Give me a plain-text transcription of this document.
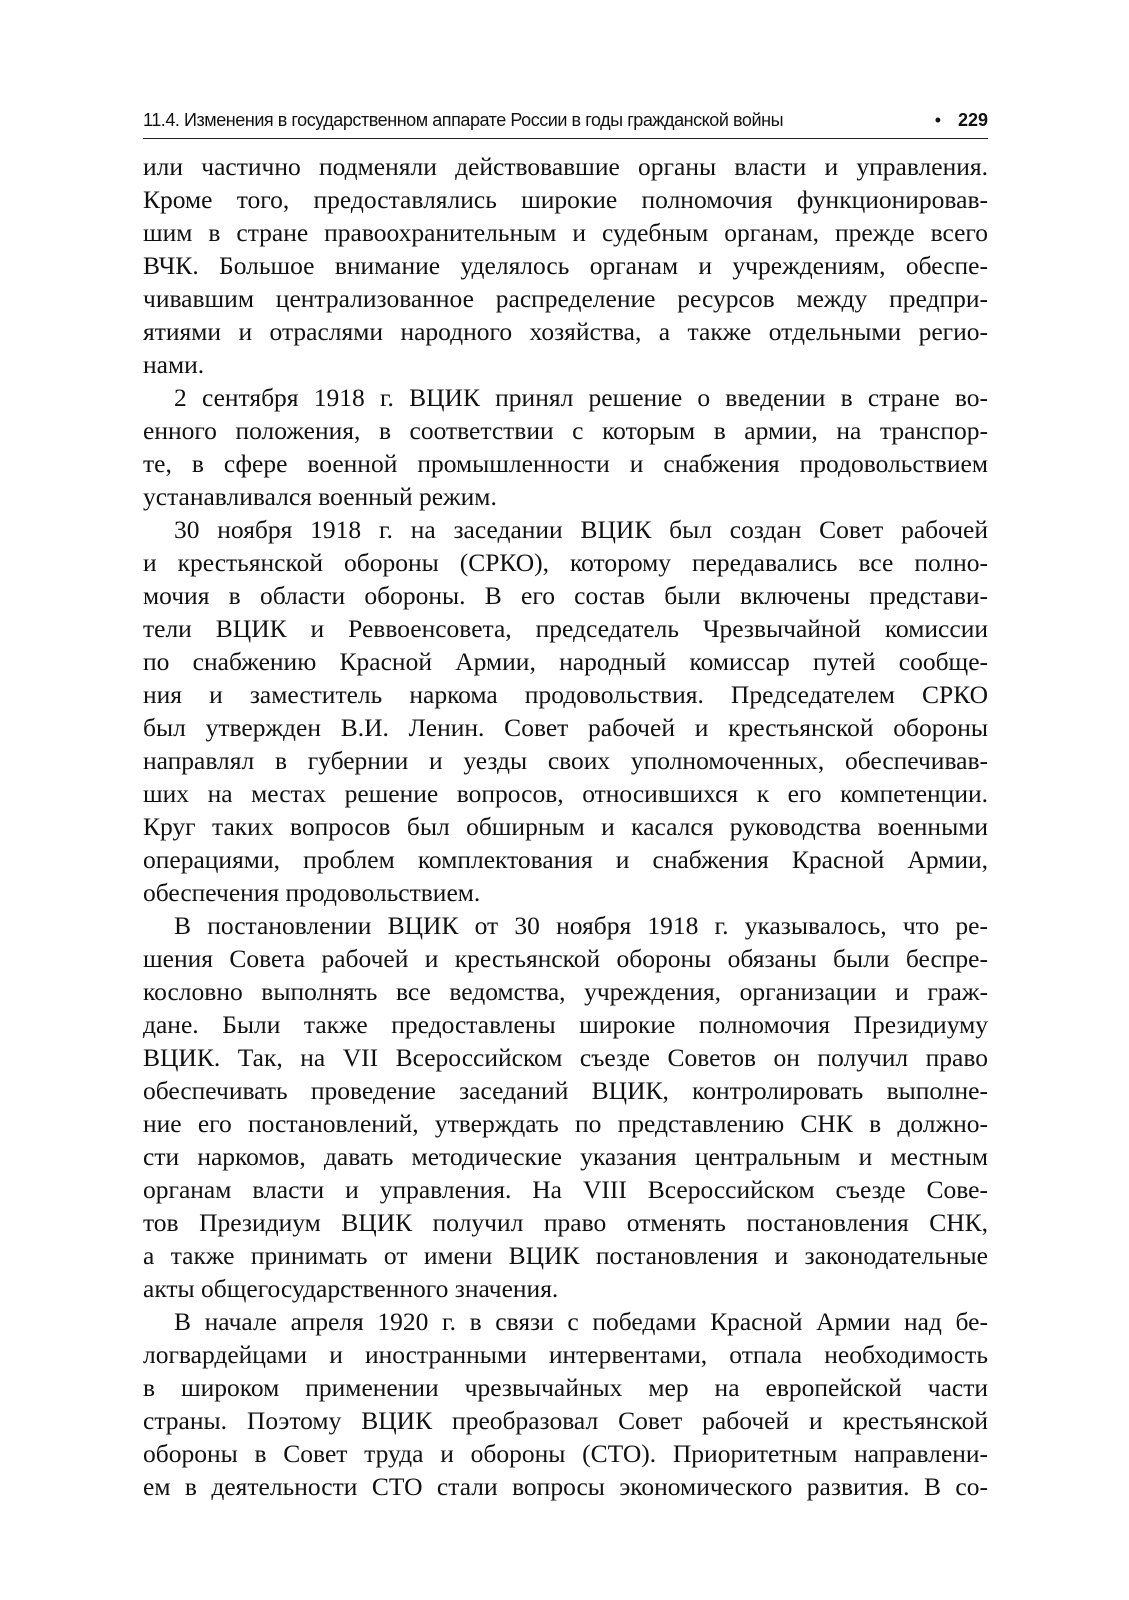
11.4. Изменения в государственном аппарате России в годы гражданской войны	• 229
или частично подменяли действовавшие органы власти и управления.
Кроме того, предоставлялись широкие полномочия функционировав-
шим в стране правоохранительным и судебным органам, прежде всего
ВЧК. Большое внимание уделялось органам и учреждениям, обеспе-
чивавшим централизованное распределение ресурсов между предпри-
ятиями и отраслями народного хозяйства, а также отдельными регио-
нами.
2 сентября 1918 г. ВЦИК принял решение о введении в стране во-
енного положения, в соответствии с которым в армии, на транспор-
те, в сфере военной промышленности и снабжения продовольствием
устанавливался военный режим.
30 ноября 1918 г. на заседании ВЦИК был создан Совет рабочей
и крестьянской обороны (СРКО), которому передавались все полно-
мочия в области обороны. В его состав были включены представи-
тели ВЦИК и Реввоенсовета, председатель Чрезвычайной комиссии
по снабжению Красной Армии, народный комиссар путей сообще-
ния и заместитель наркома продовольствия. Председателем СРКО
был утвержден В.И. Ленин. Совет рабочей и крестьянской обороны
направлял в губернии и уезды своих уполномоченных, обеспечивав-
ших на местах решение вопросов, относившихся к его компетенции.
Круг таких вопросов был обширным и касался руководства военными
операциями, проблем комплектования и снабжения Красной Армии,
обеспечения продовольствием.
В постановлении ВЦИК от 30 ноября 1918 г. указывалось, что ре-
шения Совета рабочей и крестьянской обороны обязаны были беспре-
кословно выполнять все ведомства, учреждения, организации и граж-
дане. Были также предоставлены широкие полномочия Президиуму
ВЦИК. Так, на VII Всероссийском съезде Советов он получил право
обеспечивать проведение заседаний ВЦИК, контролировать выполне-
ние его постановлений, утверждать по представлению СНК в должно-
сти наркомов, давать методические указания центральным и местным
органам власти и управления. На VIII Всероссийском съезде Сове-
тов Президиум ВЦИК получил право отменять постановления СНК,
а также принимать от имени ВЦИК постановления и законодательные
акты общегосударственного значения.
В начале апреля 1920 г. в связи с победами Красной Армии над бе-
логвардейцами и иностранными интервентами, отпала необходимость
в широком применении чрезвычайных мер на европейской части
страны. Поэтому ВЦИК преобразовал Совет рабочей и крестьянской
обороны в Совет труда и обороны (СТО). Приоритетным направлени-
ем в деятельности СТО стали вопросы экономического развития. В со-
